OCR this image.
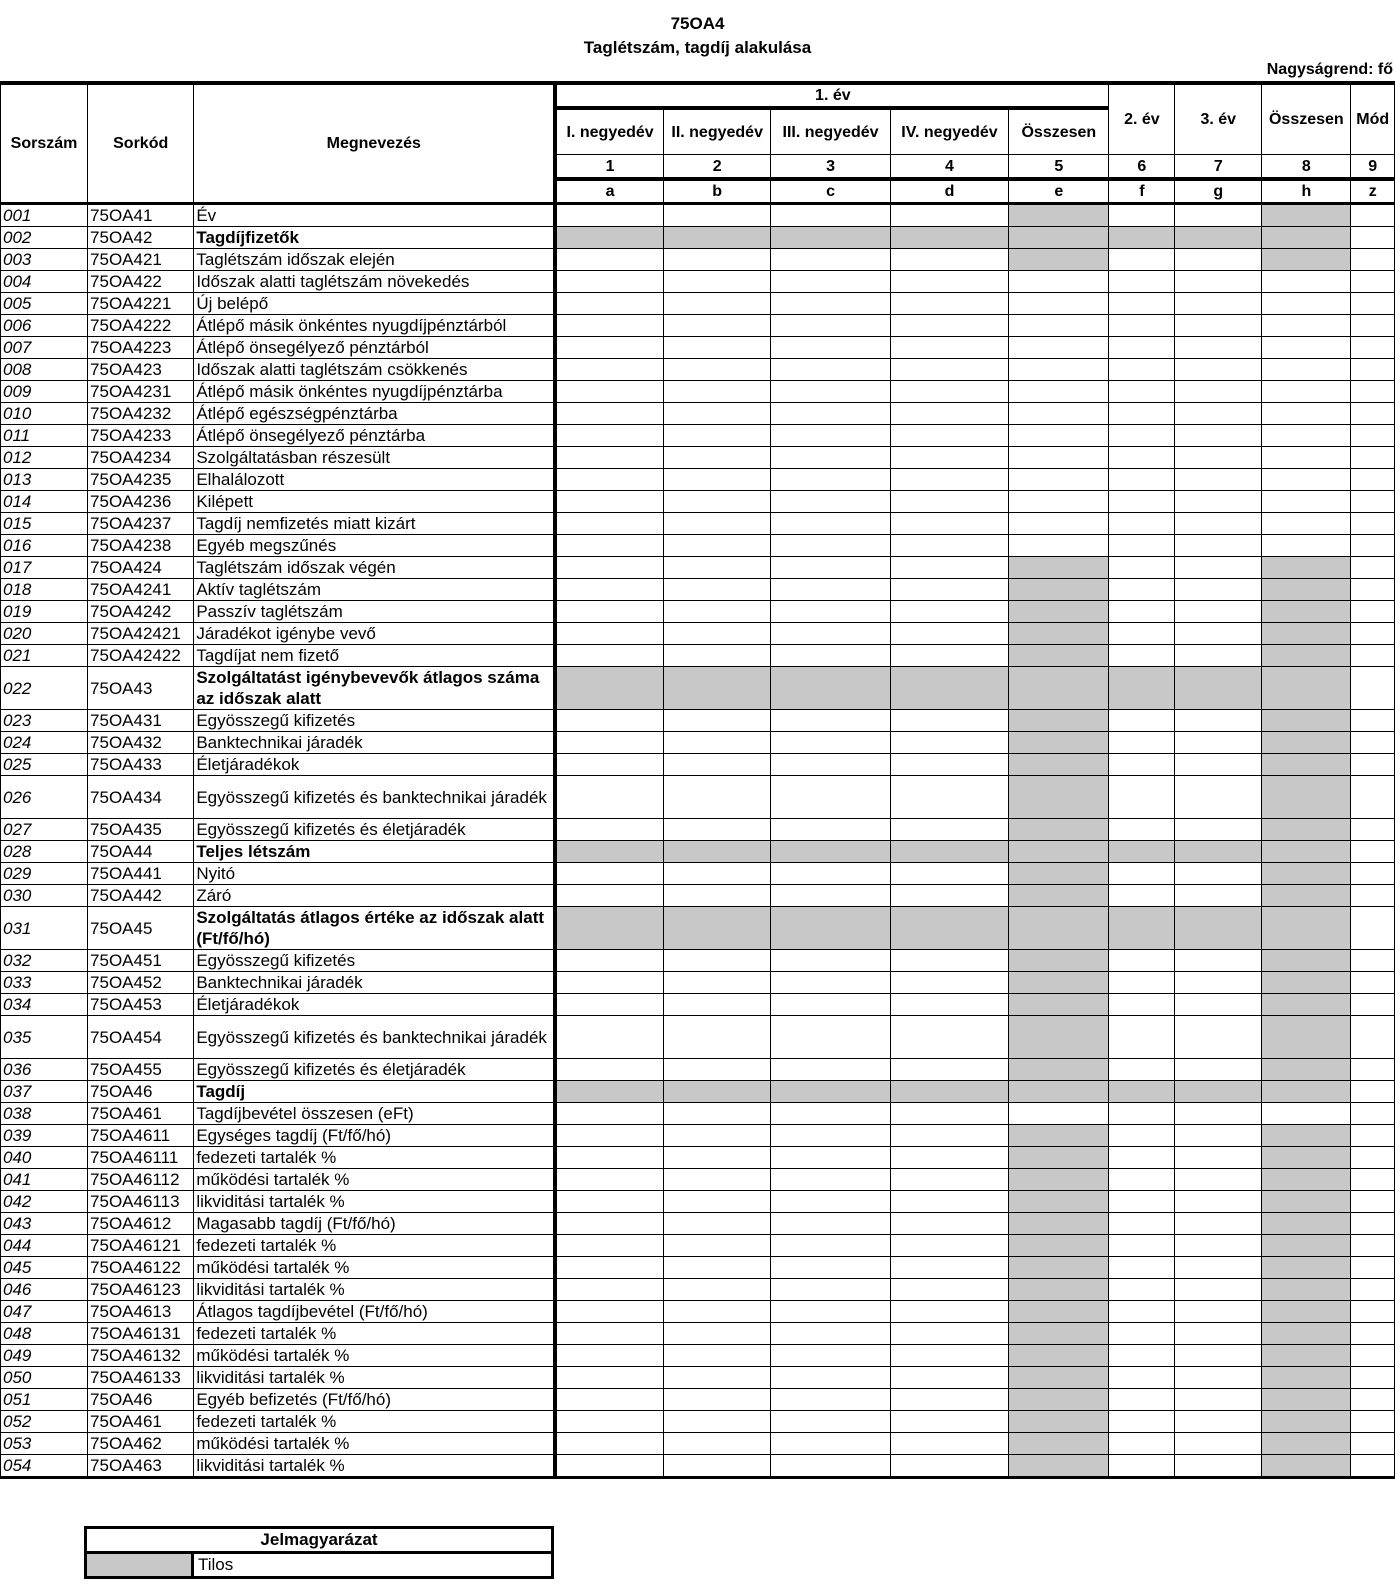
75OA4
Taglétszám, tagdíj alakulása
Nagyságrend: fő
Sorszám	Sorkód	Megnevezés	1. év					2. év	3. év	Összesen	Mód
			I. negyedév	II. negyedév	III. negyedév	IV. negyedév	Összesen				
			1	2	3	4	5	6	7	8	9
			a	b	c	d	e	f	g	h	z
001	75OA41	Év									
002	75OA42	Tagdíjfizetők									
003	75OA421	Taglétszám időszak elején									
004	75OA422	Időszak alatti taglétszám növekedés									
005	75OA4221	Új belépő									
006	75OA4222	Átlépő másik önkéntes nyugdíjpénztárból									
007	75OA4223	Átlépő önsegélyező pénztárból									
008	75OA423	Időszak alatti taglétszám csökkenés									
009	75OA4231	Átlépő másik önkéntes nyugdíjpénztárba									
010	75OA4232	Átlépő egészségpénztárba									
011	75OA4233	Átlépő önsegélyező pénztárba									
012	75OA4234	Szolgáltatásban részesült									
013	75OA4235	Elhalálozott									
014	75OA4236	Kilépett									
015	75OA4237	Tagdíj nemfizetés miatt kizárt									
016	75OA4238	Egyéb megszűnés									
017	75OA424	Taglétszám időszak végén									
018	75OA4241	Aktív taglétszám									
019	75OA4242	Passzív taglétszám									
020	75OA42421	Járadékot igénybe vevő									
021	75OA42422	Tagdíjat nem fizető									
022	75OA43	Szolgáltatást igénybevevők átlagos száma az időszak alatt									
023	75OA431	Egyösszegű kifizetés									
024	75OA432	Banktechnikai járadék									
025	75OA433	Életjáradékok									
026	75OA434	Egyösszegű kifizetés és banktechnikai járadék									
027	75OA435	Egyösszegű kifizetés és életjáradék									
028	75OA44	Teljes létszám									
029	75OA441	Nyitó									
030	75OA442	Záró									
031	75OA45	Szolgáltatás átlagos értéke az időszak alatt (Ft/fő/hó)									
032	75OA451	Egyösszegű kifizetés									
033	75OA452	Banktechnikai járadék									
034	75OA453	Életjáradékok									
035	75OA454	Egyösszegű kifizetés és banktechnikai járadék									
036	75OA455	Egyösszegű kifizetés és életjáradék									
037	75OA46	Tagdíj									
038	75OA461	Tagdíjbevétel összesen (eFt)									
039	75OA4611	Egységes tagdíj (Ft/fő/hó)									
040	75OA46111	fedezeti tartalék %									
041	75OA46112	működési tartalék %									
042	75OA46113	likviditási tartalék %									
043	75OA4612	Magasabb tagdíj (Ft/fő/hó)									
044	75OA46121	fedezeti tartalék %									
045	75OA46122	működési tartalék %									
046	75OA46123	likviditási tartalék %									
047	75OA4613	Átlagos tagdíjbevétel (Ft/fő/hó)									
048	75OA46131	fedezeti tartalék %									
049	75OA46132	működési tartalék %									
050	75OA46133	likviditási tartalék %									
051	75OA46	Egyéb befizetés (Ft/fő/hó)									
052	75OA461	fedezeti tartalék %									
053	75OA462	működési tartalék %									
054	75OA463	likviditási tartalék %									
Jelmagyarázat
	Tilos
